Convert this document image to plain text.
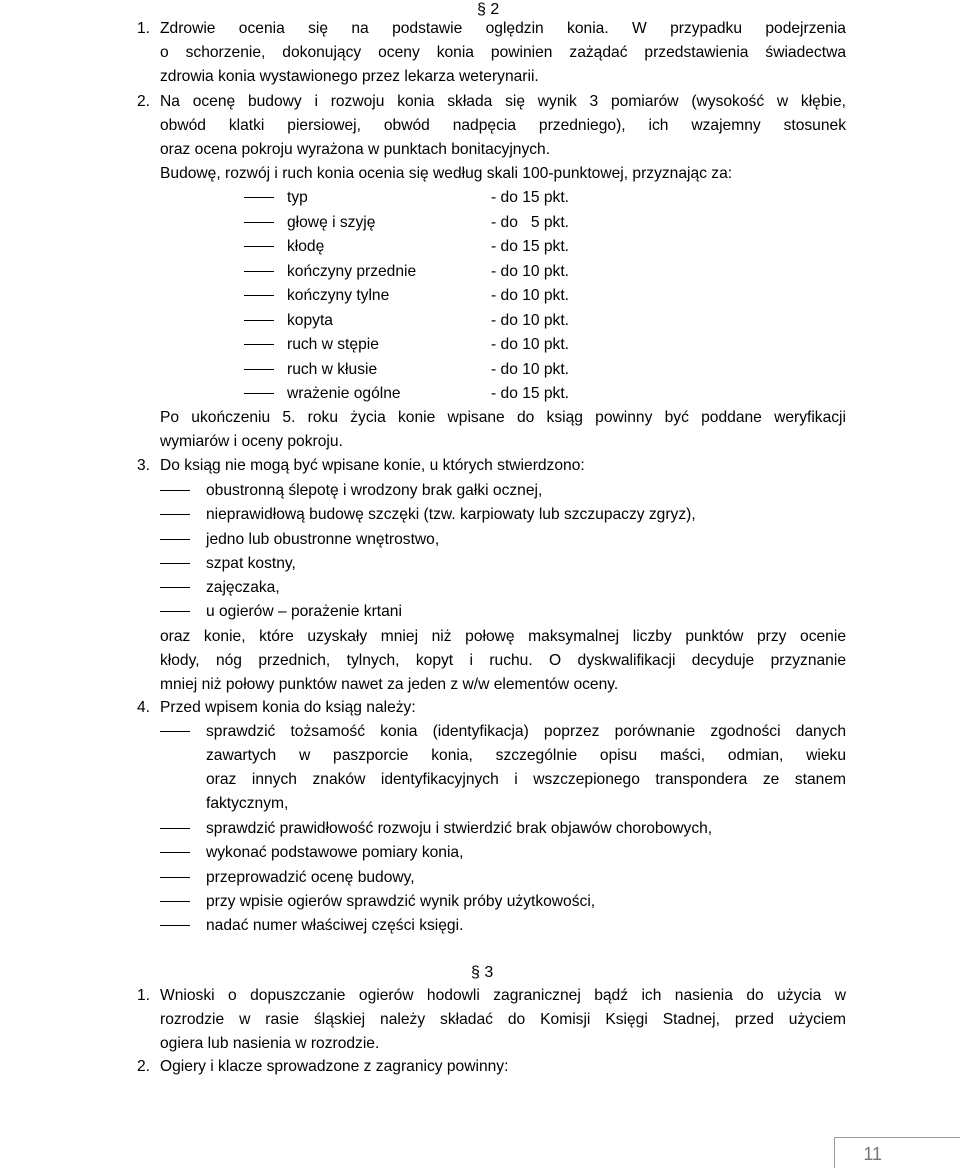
§ 2
1. Zdrowie ocenia się na podstawie oględzin konia. W przypadku podejrzenia
o schorzenie, dokonujący oceny konia powinien zażądać przedstawienia świadectwa
zdrowia konia wystawionego przez lekarza weterynarii.
2. Na ocenę budowy i rozwoju konia składa się wynik 3 pomiarów (wysokość w kłębie,
obwód klatki piersiowej, obwód nadpęcia przedniego), ich wzajemny stosunek
oraz ocena pokroju wyrażona w punktach bonitacyjnych.
Budowę, rozwój i ruch konia ocenia się według skali 100-punktowej, przyznając za:
typ	- do 15 pkt.
głowę i szyję	- do   5 pkt.
kłodę	- do 15 pkt.
kończyny przednie	- do 10 pkt.
kończyny tylne	- do 10 pkt.
kopyta	- do 10 pkt.
ruch w stępie	- do 10 pkt.
ruch w kłusie	- do 10 pkt.
wrażenie ogólne	- do 15 pkt.
Po ukończeniu 5. roku życia konie wpisane do ksiąg powinny być poddane weryfikacji
wymiarów i oceny pokroju.
3. Do ksiąg nie mogą być wpisane konie, u których stwierdzono:
obustronną ślepotę i wrodzony brak gałki ocznej,
nieprawidłową budowę szczęki (tzw. karpiowaty lub szczupaczy zgryz),
jedno lub obustronne wnętrostwo,
szpat kostny,
zajęczaka,
u ogierów – porażenie krtani
oraz konie, które uzyskały mniej niż połowę maksymalnej liczby punktów przy ocenie
kłody, nóg przednich, tylnych, kopyt i ruchu. O dyskwalifikacji decyduje przyznanie
mniej niż połowy punktów nawet za jeden z w/w elementów oceny.
4. Przed wpisem konia do ksiąg należy:
sprawdzić tożsamość konia (identyfikacja) poprzez porównanie zgodności danych
zawartych w paszporcie konia, szczególnie opisu maści, odmian, wieku
oraz innych znaków identyfikacyjnych i wszczepionego transpondera ze stanem
faktycznym,
sprawdzić prawidłowość rozwoju i stwierdzić brak objawów chorobowych,
wykonać podstawowe pomiary konia,
przeprowadzić ocenę budowy,
przy wpisie ogierów sprawdzić wynik próby użytkowości,
nadać numer właściwej części księgi.
§ 3
1. Wnioski o dopuszczanie ogierów hodowli zagranicznej bądź ich nasienia do użycia w
rozrodzie w rasie śląskiej należy składać do Komisji Księgi Stadnej, przed użyciem
ogiera lub nasienia w rozrodzie.
2. Ogiery i klacze sprowadzone z zagranicy powinny:
11
